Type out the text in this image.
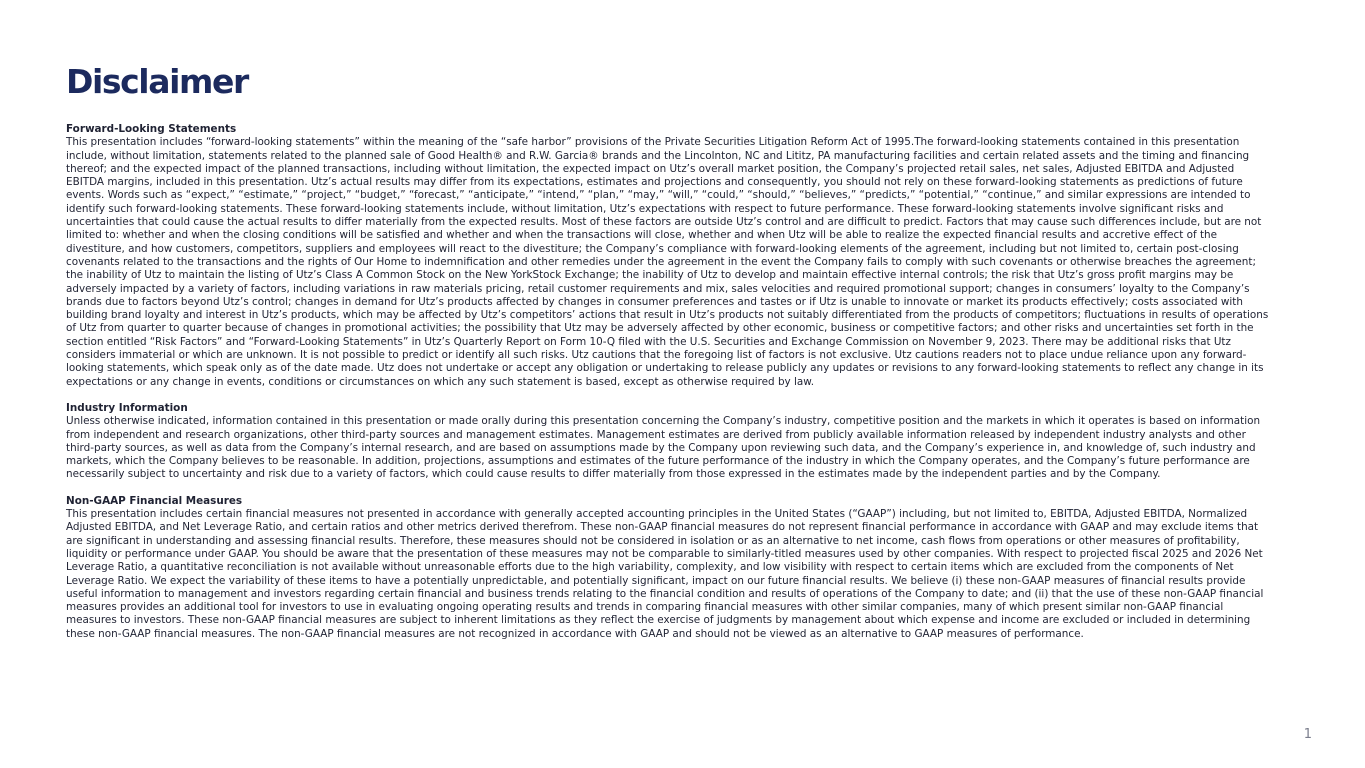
Disclaimer
Forward-Looking Statements
This presentation includes “forward-looking statements” within the meaning of the “safe harbor” provisions of the Private Securities Litigation Reform Act of 1995.The forward-looking statements contained in this presentation include, without limitation, statements related to the planned sale of Good Health® and R.W. Garcia® brands and the Lincolnton, NC and Lititz, PA manufacturing facilities and certain related assets and the timing and financing thereof; and the expected impact of the planned transactions, including without limitation, the expected impact on Utz’s overall market position, the Company’s projected retail sales, net sales, Adjusted EBITDA and Adjusted EBITDA margins, included in this presentation. Utz’s actual results may differ from its expectations, estimates and projections and consequently, you should not rely on these forward-looking statements as predictions of future events. Words such as “expect,” “estimate,” “project,” “budget,” “forecast,” “anticipate,” “intend,” “plan,” “may,” “will,” “could,” “should,” “believes,” “predicts,” “potential,” “continue,” and similar expressions are intended to identify such forward-looking statements. These forward-looking statements include, without limitation, Utz’s expectations with respect to future performance. These forward-looking statements involve significant risks and uncertainties that could cause the actual results to differ materially from the expected results. Most of these factors are outside Utz’s control and are difficult to predict. Factors that may cause such differences include, but are not limited to: whether and when the closing conditions will be satisfied and whether and when the transactions will close, whether and when Utz will be able to realize the expected financial results and accretive effect of the divestiture, and how customers, competitors, suppliers and employees will react to the divestiture; the Company’s compliance with forward-looking elements of the agreement, including but not limited to, certain post-closing covenants related to the transactions and the rights of Our Home to indemnification and other remedies under the agreement in the event the Company fails to comply with such covenants or otherwise breaches the agreement; the inability of Utz to maintain the listing of Utz’s Class A Common Stock on the New YorkStock Exchange; the inability of Utz to develop and maintain effective internal controls; the risk that Utz’s gross profit margins may be adversely impacted by a variety of factors, including variations in raw materials pricing, retail customer requirements and mix, sales velocities and required promotional support; changes in consumers’ loyalty to the Company’s brands due to factors beyond Utz’s control; changes in demand for Utz’s products affected by changes in consumer preferences and tastes or if Utz is unable to innovate or market its products effectively; costs associated with building brand loyalty and interest in Utz’s products, which may be affected by Utz’s competitors’ actions that result in Utz’s products not suitably differentiated from the products of competitors; fluctuations in results of operations of Utz from quarter to quarter because of changes in promotional activities; the possibility that Utz may be adversely affected by other economic, business or competitive factors; and other risks and uncertainties set forth in the section entitled “Risk Factors” and “Forward-Looking Statements” in Utz’s Quarterly Report on Form 10-Q filed with the U.S. Securities and Exchange Commission on November 9, 2023. There may be additional risks that Utz considers immaterial or which are unknown. It is not possible to predict or identify all such risks. Utz cautions that the foregoing list of factors is not exclusive. Utz cautions readers not to place undue reliance upon any forward-looking statements, which speak only as of the date made. Utz does not undertake or accept any obligation or undertaking to release publicly any updates or revisions to any forward-looking statements to reflect any change in its expectations or any change in events, conditions or circumstances on which any such statement is based, except as otherwise required by law.
Industry Information
Unless otherwise indicated, information contained in this presentation or made orally during this presentation concerning the Company’s industry, competitive position and the markets in which it operates is based on information from independent and research organizations, other third-party sources and management estimates. Management estimates are derived from publicly available information released by independent industry analysts and other third-party sources, as well as data from the Company’s internal research, and are based on assumptions made by the Company upon reviewing such data, and the Company’s experience in, and knowledge of, such industry and markets, which the Company believes to be reasonable. In addition, projections, assumptions and estimates of the future performance of the industry in which the Company operates, and the Company’s future performance are necessarily subject to uncertainty and risk due to a variety of factors, which could cause results to differ materially from those expressed in the estimates made by the independent parties and by the Company.
Non-GAAP Financial Measures
This presentation includes certain financial measures not presented in accordance with generally accepted accounting principles in the United States (“GAAP”) including, but not limited to, EBITDA, Adjusted EBITDA, Normalized Adjusted EBITDA, and Net Leverage Ratio, and certain ratios and other metrics derived therefrom. These non-GAAP financial measures do not represent financial performance in accordance with GAAP and may exclude items that are significant in understanding and assessing financial results. Therefore, these measures should not be considered in isolation or as an alternative to net income, cash flows from operations or other measures of profitability, liquidity or performance under GAAP. You should be aware that the presentation of these measures may not be comparable to similarly-titled measures used by other companies. With respect to projected fiscal 2025 and 2026 Net Leverage Ratio, a quantitative reconciliation is not available without unreasonable efforts due to the high variability, complexity, and low visibility with respect to certain items which are excluded from the components of Net Leverage Ratio. We expect the variability of these items to have a potentially unpredictable, and potentially significant, impact on our future financial results. We believe (i) these non-GAAP measures of financial results provide useful information to management and investors regarding certain financial and business trends relating to the financial condition and results of operations of the Company to date; and (ii) that the use of these non-GAAP financial measures provides an additional tool for investors to use in evaluating ongoing operating results and trends in comparing financial measures with other similar companies, many of which present similar non-GAAP financial measures to investors. These non-GAAP financial measures are subject to inherent limitations as they reflect the exercise of judgments by management about which expense and income are excluded or included in determining these non-GAAP financial measures. The non-GAAP financial measures are not recognized in accordance with GAAP and should not be viewed as an alternative to GAAP measures of performance.
1
